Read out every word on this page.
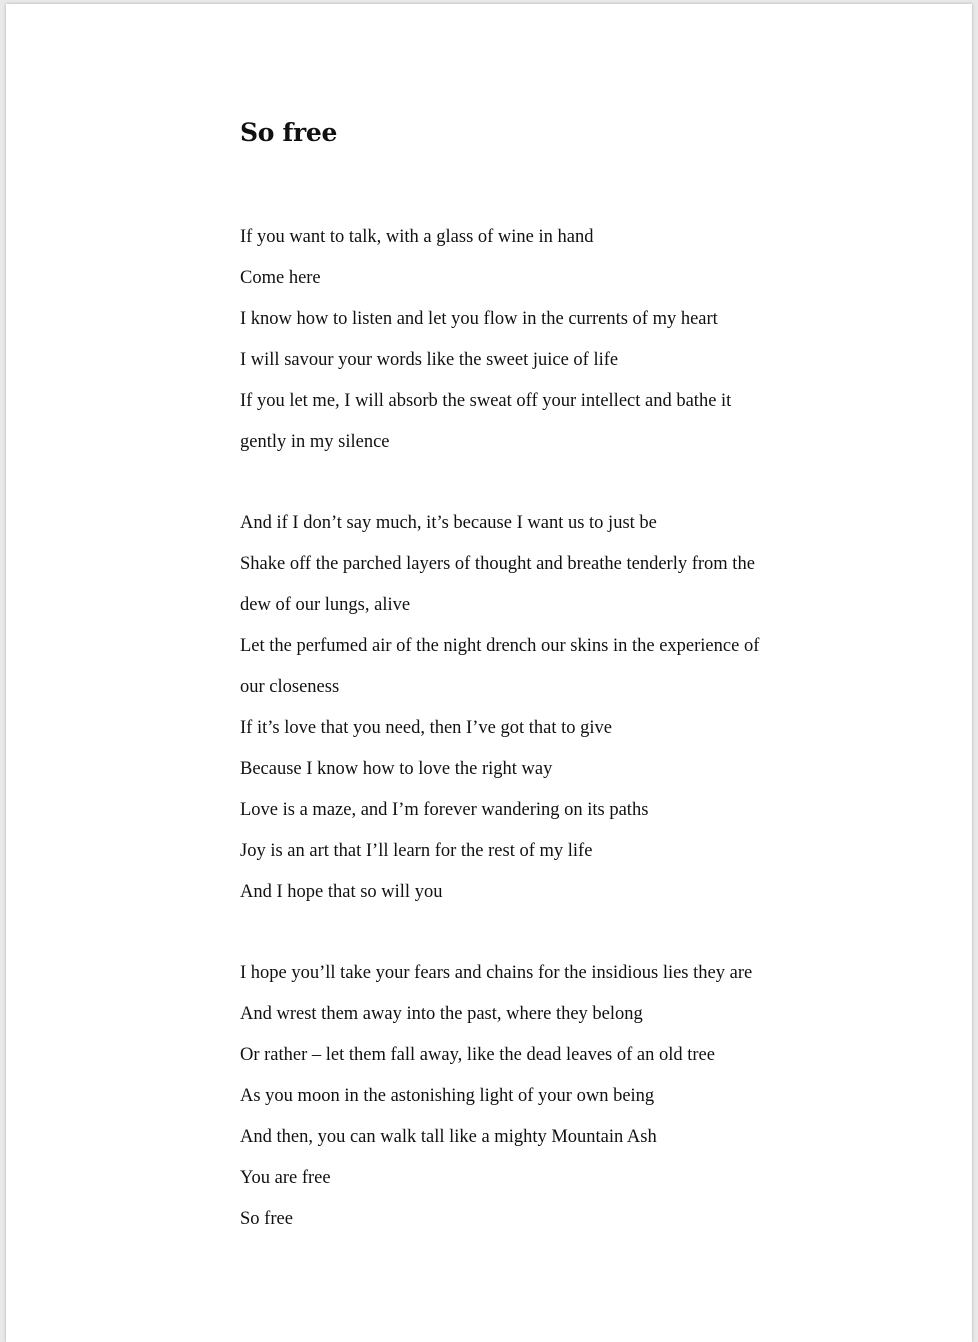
So free
If you want to talk, with a glass of wine in hand
Come here
I know how to listen and let you flow in the currents of my heart
I will savour your words like the sweet juice of life
If you let me, I will absorb the sweat off your intellect and bathe it
gently in my silence
And if I don’t say much, it’s because I want us to just be
Shake off the parched layers of thought and breathe tenderly from the
dew of our lungs, alive
Let the perfumed air of the night drench our skins in the experience of
our closeness
If it’s love that you need, then I’ve got that to give
Because I know how to love the right way
Love is a maze, and I’m forever wandering on its paths
Joy is an art that I’ll learn for the rest of my life
And I hope that so will you
I hope you’ll take your fears and chains for the insidious lies they are
And wrest them away into the past, where they belong
Or rather – let them fall away, like the dead leaves of an old tree
As you moon in the astonishing light of your own being
And then, you can walk tall like a mighty Mountain Ash
You are free
So free
